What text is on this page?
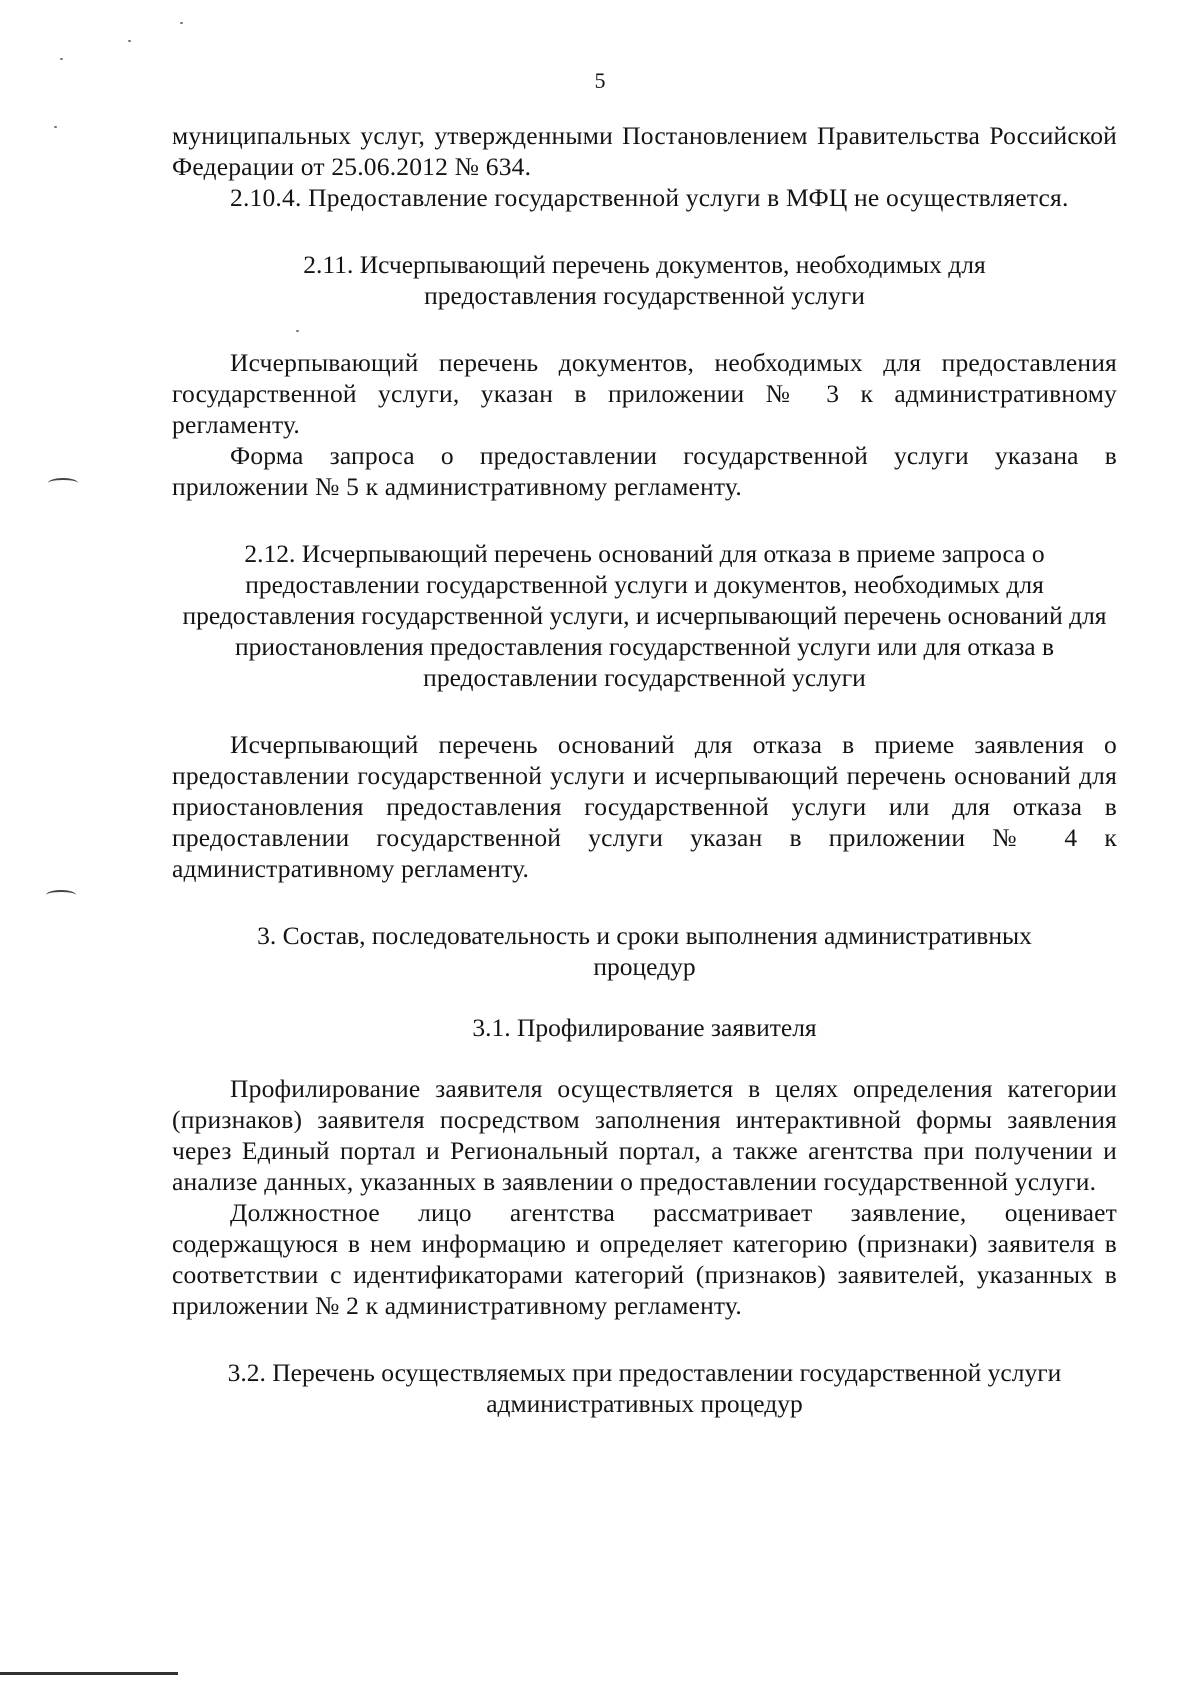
5

муниципальных услуг, утвержденными Постановлением Правительства Российской Федерации от 25.06.2012 № 634.

2.10.4. Предоставление государственной услуги в МФЦ не осуществляется.

2.11. Исчерпывающий перечень документов, необходимых для предоставления государственной услуги

Исчерпывающий перечень документов, необходимых для предоставления государственной услуги, указан в приложении № 3 к административному регламенту.

Форма запроса о предоставлении государственной услуги указана в приложении № 5 к административному регламенту.

2.12. Исчерпывающий перечень оснований для отказа в приеме запроса о предоставлении государственной услуги и документов, необходимых для предоставления государственной услуги, и исчерпывающий перечень оснований для приостановления предоставления государственной услуги или для отказа в предоставлении государственной услуги

Исчерпывающий перечень оснований для отказа в приеме заявления о предоставлении государственной услуги и исчерпывающий перечень оснований для приостановления предоставления государственной услуги или для отказа в предоставлении государственной услуги указан в приложении № 4 к административному регламенту.

3. Состав, последовательность и сроки выполнения административных процедур

3.1. Профилирование заявителя

Профилирование заявителя осуществляется в целях определения категории (признаков) заявителя посредством заполнения интерактивной формы заявления через Единый портал и Региональный портал, а также агентства при получении и анализе данных, указанных в заявлении о предоставлении государственной услуги.

Должностное лицо агентства рассматривает заявление, оценивает содержащуюся в нем информацию и определяет категорию (признаки) заявителя в соответствии с идентификаторами категорий (признаков) заявителей, указанных в приложении № 2 к административному регламенту.

3.2. Перечень осуществляемых при предоставлении государственной услуги административных процедур
